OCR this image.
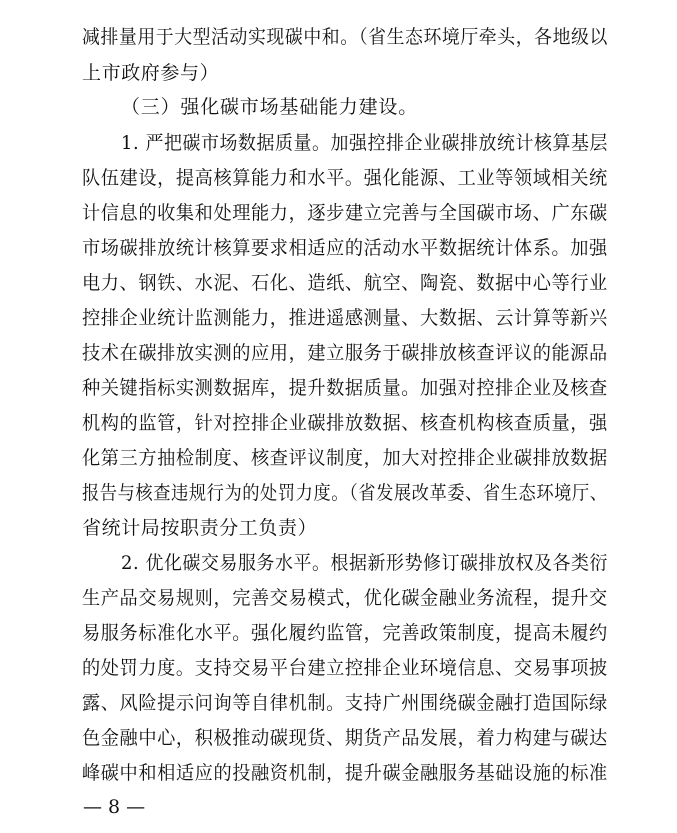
减排量用于大型活动实现碳中和。（省生态环境厅牵头，各地级以
上市政府参与）
（三）强化碳市场基础能力建设。
1. 严把碳市场数据质量。加强控排企业碳排放统计核算基层
队伍建设，提高核算能力和水平。强化能源、工业等领域相关统
计信息的收集和处理能力，逐步建立完善与全国碳市场、广东碳
市场碳排放统计核算要求相适应的活动水平数据统计体系。加强
电力、钢铁、水泥、石化、造纸、航空、陶瓷、数据中心等行业
控排企业统计监测能力，推进遥感测量、大数据、云计算等新兴
技术在碳排放实测的应用，建立服务于碳排放核查评议的能源品
种关键指标实测数据库，提升数据质量。加强对控排企业及核查
机构的监管，针对控排企业碳排放数据、核查机构核查质量，强
化第三方抽检制度、核查评议制度，加大对控排企业碳排放数据
报告与核查违规行为的处罚力度。（省发展改革委、省生态环境厅、
省统计局按职责分工负责）
2. 优化碳交易服务水平。根据新形势修订碳排放权及各类衍
生产品交易规则，完善交易模式，优化碳金融业务流程，提升交
易服务标准化水平。强化履约监管，完善政策制度，提高未履约
的处罚力度。支持交易平台建立控排企业环境信息、交易事项披
露、风险提示问询等自律机制。支持广州围绕碳金融打造国际绿
色金融中心，积极推动碳现货、期货产品发展，着力构建与碳达
峰碳中和相适应的投融资机制，提升碳金融服务基础设施的标准
— 8 —
